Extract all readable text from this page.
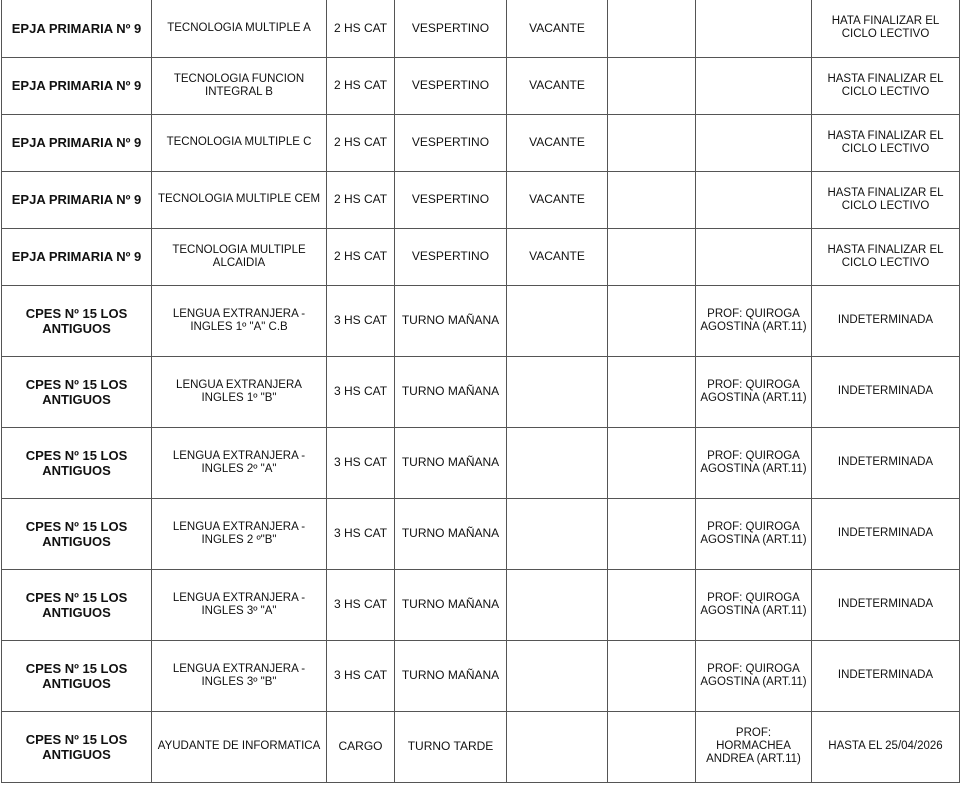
EPJA PRIMARIA Nº 9	TECNOLOGIA MULTIPLE A	2 HS CAT	VESPERTINO	VACANTE			HATA FINALIZAR EL CICLO LECTIVO
EPJA PRIMARIA Nº 9	TECNOLOGIA FUNCION INTEGRAL B	2 HS CAT	VESPERTINO	VACANTE			HASTA FINALIZAR EL CICLO LECTIVO
EPJA PRIMARIA Nº 9	TECNOLOGIA MULTIPLE C	2 HS CAT	VESPERTINO	VACANTE			HASTA FINALIZAR EL CICLO LECTIVO
EPJA PRIMARIA Nº 9	TECNOLOGIA MULTIPLE CEM	2 HS CAT	VESPERTINO	VACANTE			HASTA FINALIZAR EL CICLO LECTIVO
EPJA PRIMARIA Nº 9	TECNOLOGIA MULTIPLE ALCAIDIA	2 HS CAT	VESPERTINO	VACANTE			HASTA FINALIZAR EL CICLO LECTIVO
CPES Nº 15 LOS ANTIGUOS	LENGUA EXTRANJERA - INGLES 1º "A" C.B	3 HS CAT	TURNO MAÑANA			PROF: QUIROGA AGOSTINA (ART.11)	INDETERMINADA
CPES Nº 15 LOS ANTIGUOS	LENGUA EXTRANJERA INGLES 1º "B"	3 HS CAT	TURNO MAÑANA			PROF: QUIROGA AGOSTINA (ART.11)	INDETERMINADA
CPES Nº 15 LOS ANTIGUOS	LENGUA EXTRANJERA -INGLES 2º "A"	3 HS CAT	TURNO MAÑANA			PROF: QUIROGA AGOSTINA (ART.11)	INDETERMINADA
CPES Nº 15 LOS ANTIGUOS	LENGUA EXTRANJERA - INGLES 2 º"B"	3 HS CAT	TURNO MAÑANA			PROF: QUIROGA AGOSTINA (ART.11)	INDETERMINADA
CPES Nº 15 LOS ANTIGUOS	LENGUA EXTRANJERA - INGLES 3º "A"	3 HS CAT	TURNO MAÑANA			PROF: QUIROGA AGOSTINA (ART.11)	INDETERMINADA
CPES Nº 15 LOS ANTIGUOS	LENGUA EXTRANJERA - INGLES 3º "B"	3 HS CAT	TURNO MAÑANA			PROF: QUIROGA AGOSTINA (ART.11)	INDETERMINADA
CPES Nº 15 LOS ANTIGUOS	AYUDANTE DE INFORMATICA	CARGO	TURNO TARDE			PROF: HORMACHEA ANDREA (ART.11)	HASTA EL 25/04/2026
